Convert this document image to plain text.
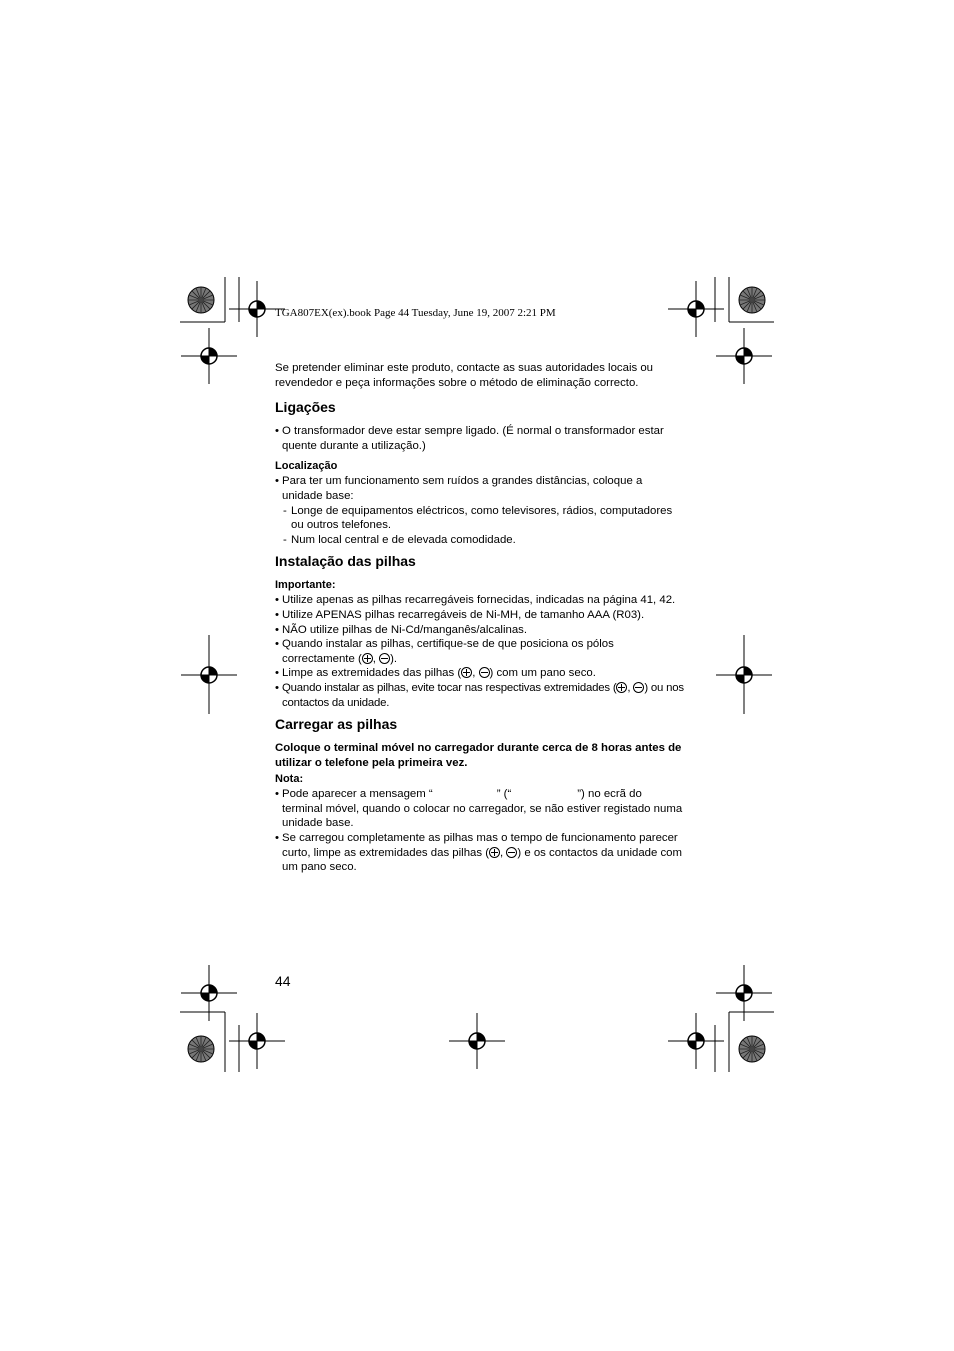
TGA807EX(ex).book Page 44 Tuesday, June 19, 2007 2:21 PM

Se pretender eliminar este produto, contacte as suas autoridades locais ou revendedor e peça informações sobre o método de eliminação correcto.

Ligações
• O transformador deve estar sempre ligado. (É normal o transformador estar quente durante a utilização.)
Localização
• Para ter um funcionamento sem ruídos a grandes distâncias, coloque a unidade base:
- Longe de equipamentos eléctricos, como televisores, rádios, computadores ou outros telefones.
- Num local central e de elevada comodidade.
Instalação das pilhas
Importante:
• Utilize apenas as pilhas recarregáveis fornecidas, indicadas na página 41, 42.
• Utilize APENAS pilhas recarregáveis de Ni-MH, de tamanho AAA (R03).
• NÃO utilize pilhas de Ni-Cd/manganês/alcalinas.
• Quando instalar as pilhas, certifique-se de que posiciona os pólos correctamente ( , ).
• Limpe as extremidades das pilhas ( , ) com um pano seco.
• Quando instalar as pilhas, evite tocar nas respectivas extremidades ( , ) ou nos contactos da unidade.
Carregar as pilhas

Coloque o terminal móvel no carregador durante cerca de 8 horas antes de utilizar o telefone pela primeira vez.

Nota:
• Pode aparecer a mensagem “	” (“	”) no ecrã do terminal móvel, quando o colocar no carregador, se não estiver registado numa unidade base.
• Se carregou completamente as pilhas mas o tempo de funcionamento parecer curto, limpe as extremidades das pilhas ( , ) e os contactos da unidade com um pano seco.
44
